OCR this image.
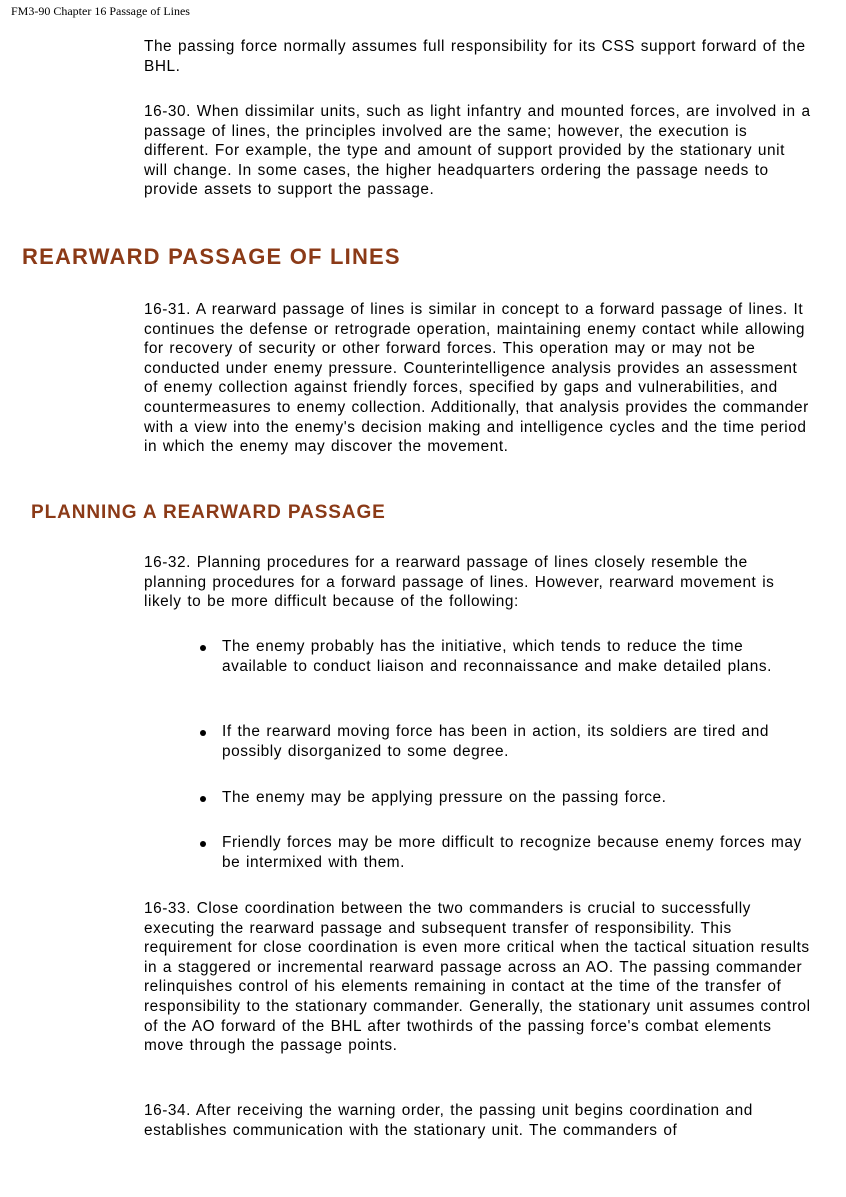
FM3-90 Chapter 16 Passage of Lines

The passing force normally assumes full responsibility for its CSS support forward of the BHL.

16-30. When dissimilar units, such as light infantry and mounted forces, are involved in a passage of lines, the principles involved are the same; however, the execution is different. For example, the type and amount of support provided by the stationary unit will change. In some cases, the higher headquarters ordering the passage needs to provide assets to support the passage.

REARWARD PASSAGE OF LINES

16-31. A rearward passage of lines is similar in concept to a forward passage of lines. It continues the defense or retrograde operation, maintaining enemy contact while allowing for recovery of security or other forward forces. This operation may or may not be conducted under enemy pressure. Counterintelligence analysis provides an assessment of enemy collection against friendly forces, specified by gaps and vulnerabilities, and countermeasures to enemy collection. Additionally, that analysis provides the commander with a view into the enemy's decision making and intelligence cycles and the time period in which the enemy may discover the movement.

PLANNING A REARWARD PASSAGE

16-32. Planning procedures for a rearward passage of lines closely resemble the planning procedures for a forward passage of lines. However, rearward movement is likely to be more difficult because of the following:

The enemy probably has the initiative, which tends to reduce the time available to conduct liaison and reconnaissance and make detailed plans.
If the rearward moving force has been in action, its soldiers are tired and possibly disorganized to some degree.
The enemy may be applying pressure on the passing force.
Friendly forces may be more difficult to recognize because enemy forces may be intermixed with them.

16-33. Close coordination between the two commanders is crucial to successfully executing the rearward passage and subsequent transfer of responsibility. This requirement for close coordination is even more critical when the tactical situation results in a staggered or incremental rearward passage across an AO. The passing commander relinquishes control of his elements remaining in contact at the time of the transfer of responsibility to the stationary commander. Generally, the stationary unit assumes control of the AO forward of the BHL after twothirds of the passing force's combat elements move through the passage points.

16-34. After receiving the warning order, the passing unit begins coordination and establishes communication with the stationary unit. The commanders of
